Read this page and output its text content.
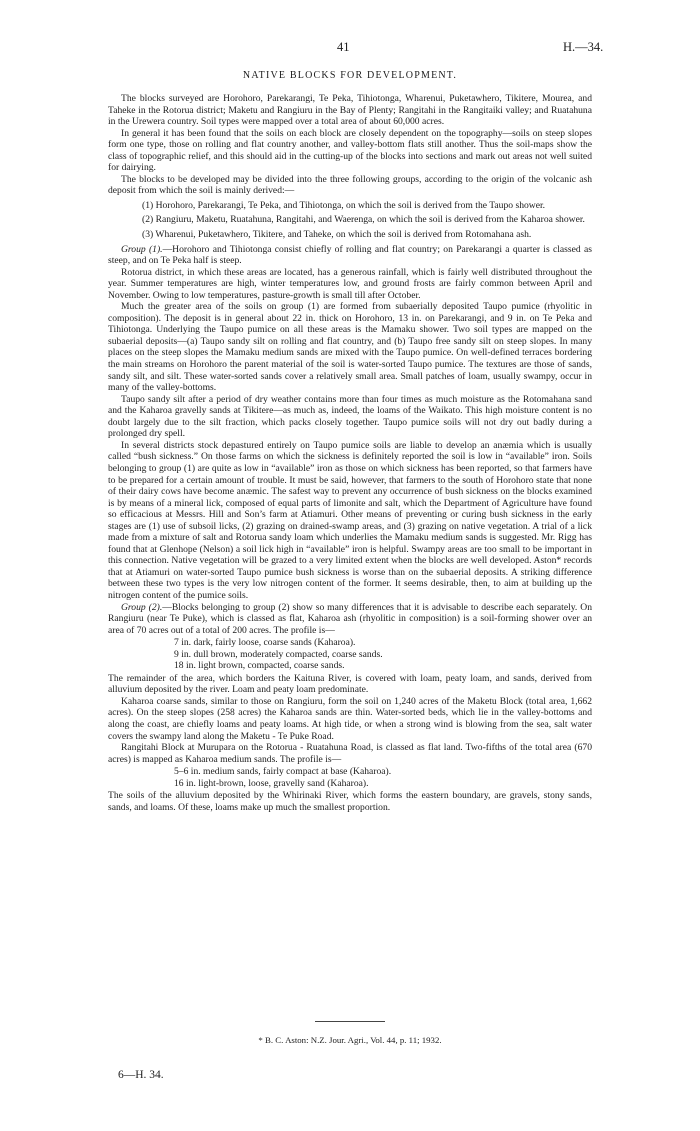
41	H.—34.
NATIVE BLOCKS FOR DEVELOPMENT.

The blocks surveyed are Horohoro, Parekarangi, Te Peka, Tihiotonga, Wharenui, Puketawhero, Tikitere, Mourea, and Taheke in the Rotorua district; Maketu and Rangiuru in the Bay of Plenty; Rangitahi in the Rangitaiki valley; and Ruatahuna in the Urewera country. Soil types were mapped over a total area of about 60,000 acres.

In general it has been found that the soils on each block are closely dependent on the topography—soils on steep slopes form one type, those on rolling and flat country another, and valley-bottom flats still another. Thus the soil-maps show the class of topographic relief, and this should aid in the cutting-up of the blocks into sections and mark out areas not well suited for dairying.

The blocks to be developed may be divided into the three following groups, according to the origin of the volcanic ash deposit from which the soil is mainly derived:—

(1) Horohoro, Parekarangi, Te Peka, and Tihiotonga, on which the soil is derived from the Taupo shower.
(2) Rangiuru, Maketu, Ruatahuna, Rangitahi, and Waerenga, on which the soil is derived from the Kaharoa shower.
(3) Wharenui, Puketawhero, Tikitere, and Taheke, on which the soil is derived from Rotomahana ash.

Group (1).—Horohoro and Tihiotonga consist chiefly of rolling and flat country; on Parekarangi a quarter is classed as steep, and on Te Peka half is steep.

Rotorua district, in which these areas are located, has a generous rainfall, which is fairly well distributed throughout the year. Summer temperatures are high, winter temperatures low, and ground frosts are fairly common between April and November. Owing to low temperatures, pasture-growth is small till after October.

Much the greater area of the soils on group (1) are formed from subaerially deposited Taupo pumice (rhyolitic in composition). The deposit is in general about 22 in. thick on Horohoro, 13 in. on Parekarangi, and 9 in. on Te Peka and Tihiotonga. Underlying the Taupo pumice on all these areas is the Mamaku shower. Two soil types are mapped on the subaerial deposits—(a) Taupo sandy silt on rolling and flat country, and (b) Taupo free sandy silt on steep slopes. In many places on the steep slopes the Mamaku medium sands are mixed with the Taupo pumice. On well-defined terraces bordering the main streams on Horohoro the parent material of the soil is water-sorted Taupo pumice. The textures are those of sands, sandy silt, and silt. These water-sorted sands cover a relatively small area. Small patches of loam, usually swampy, occur in many of the valley-bottoms.

Taupo sandy silt after a period of dry weather contains more than four times as much moisture as the Rotomahana sand and the Kaharoa gravelly sands at Tikitere—as much as, indeed, the loams of the Waikato. This high moisture content is no doubt largely due to the silt fraction, which packs closely together. Taupo pumice soils will not dry out badly during a prolonged dry spell.

In several districts stock depastured entirely on Taupo pumice soils are liable to develop an anæmia which is usually called “bush sickness.” On those farms on which the sickness is definitely reported the soil is low in “available” iron. Soils belonging to group (1) are quite as low in “available” iron as those on which sickness has been reported, so that farmers have to be prepared for a certain amount of trouble. It must be said, however, that farmers to the south of Horohoro state that none of their dairy cows have become anæmic. The safest way to prevent any occurrence of bush sickness on the blocks examined is by means of a mineral lick, composed of equal parts of limonite and salt, which the Department of Agriculture have found so efficacious at Messrs. Hill and Son’s farm at Atiamuri. Other means of preventing or curing bush sickness in the early stages are (1) use of subsoil licks, (2) grazing on drained-swamp areas, and (3) grazing on native vegetation. A trial of a lick made from a mixture of salt and Rotorua sandy loam which underlies the Mamaku medium sands is suggested. Mr. Rigg has found that at Glenhope (Nelson) a soil lick high in “available” iron is helpful. Swampy areas are too small to be important in this connection. Native vegetation will be grazed to a very limited extent when the blocks are well developed. Aston* records that at Atiamuri on water-sorted Taupo pumice bush sickness is worse than on the subaerial deposits. A striking difference between these two types is the very low nitrogen content of the former. It seems desirable, then, to aim at building up the nitrogen content of the pumice soils.

Group (2).—Blocks belonging to group (2) show so many differences that it is advisable to describe each separately. On Rangiuru (near Te Puke), which is classed as flat, Kaharoa ash (rhyolitic in composition) is a soil-forming shower over an area of 70 acres out of a total of 200 acres. The profile is—

7 in. dark, fairly loose, coarse sands (Kaharoa).
9 in. dull brown, moderately compacted, coarse sands.
18 in. light brown, compacted, coarse sands.

The remainder of the area, which borders the Kaituna River, is covered with loam, peaty loam, and sands, derived from alluvium deposited by the river. Loam and peaty loam predominate.

Kaharoa coarse sands, similar to those on Rangiuru, form the soil on 1,240 acres of the Maketu Block (total area, 1,662 acres). On the steep slopes (258 acres) the Kaharoa sands are thin. Water-sorted beds, which lie in the valley-bottoms and along the coast, are chiefly loams and peaty loams. At high tide, or when a strong wind is blowing from the sea, salt water covers the swampy land along the Maketu - Te Puke Road.

Rangitahi Block at Murupara on the Rotorua - Ruatahuna Road, is classed as flat land. Two-fifths of the total area (670 acres) is mapped as Kaharoa medium sands. The profile is—

5–6 in. medium sands, fairly compact at base (Kaharoa).
16 in. light-brown, loose, gravelly sand (Kaharoa).

The soils of the alluvium deposited by the Whirinaki River, which forms the eastern boundary, are gravels, stony sands, sands, and loams. Of these, loams make up much the smallest proportion.

* B. C. Aston: N.Z. Jour. Agri., Vol. 44, p. 11; 1932.
6—H. 34.
